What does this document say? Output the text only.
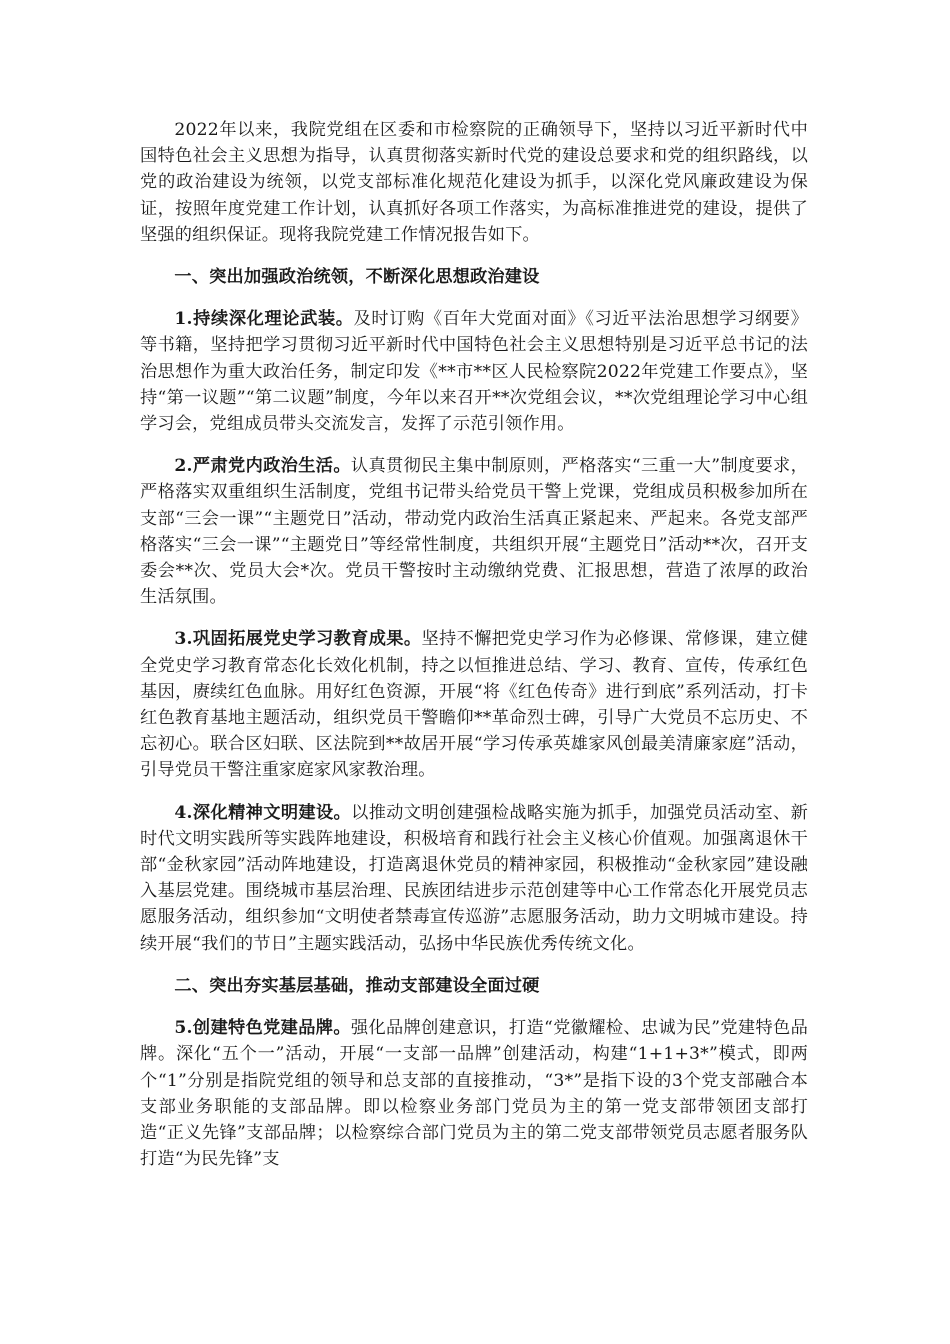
2022年以来，我院党组在区委和市检察院的正确领导下，坚持以习近平新时代中国特色社会主义思想为指导，认真贯彻落实新时代党的建设总要求和党的组织路线，以党的政治建设为统领，以党支部标准化规范化建设为抓手，以深化党风廉政建设为保证，按照年度党建工作计划，认真抓好各项工作落实，为高标准推进党的建设，提供了坚强的组织保证。现将我院党建工作情况报告如下。

一、突出加强政治统领，不断深化思想政治建设

1.持续深化理论武装。及时订购《百年大党面对面》《习近平法治思想学习纲要》等书籍，坚持把学习贯彻习近平新时代中国特色社会主义思想特别是习近平总书记的法治思想作为重大政治任务，制定印发《**市**区人民检察院2022年党建工作要点》，坚持“第一议题”“第二议题”制度，今年以来召开**次党组会议，**次党组理论学习中心组学习会，党组成员带头交流发言，发挥了示范引领作用。

2.严肃党内政治生活。认真贯彻民主集中制原则，严格落实“三重一大”制度要求，严格落实双重组织生活制度，党组书记带头给党员干警上党课，党组成员积极参加所在支部“三会一课”“主题党日”活动，带动党内政治生活真正紧起来、严起来。各党支部严格落实“三会一课”“主题党日”等经常性制度，共组织开展“主题党日”活动**次，召开支委会**次、党员大会*次。党员干警按时主动缴纳党费、汇报思想，营造了浓厚的政治生活氛围。

3.巩固拓展党史学习教育成果。坚持不懈把党史学习作为必修课、常修课，建立健全党史学习教育常态化长效化机制，持之以恒推进总结、学习、教育、宣传，传承红色基因，赓续红色血脉。用好红色资源，开展“将《红色传奇》进行到底”系列活动，打卡红色教育基地主题活动，组织党员干警瞻仰**革命烈士碑，引导广大党员不忘历史、不忘初心。联合区妇联、区法院到**故居开展“学习传承英雄家风创最美清廉家庭”活动，引导党员干警注重家庭家风家教治理。

4.深化精神文明建设。以推动文明创建强检战略实施为抓手，加强党员活动室、新时代文明实践所等实践阵地建设，积极培育和践行社会主义核心价值观。加强离退休干部“金秋家园”活动阵地建设，打造离退休党员的精神家园，积极推动“金秋家园”建设融入基层党建。围绕城市基层治理、民族团结进步示范创建等中心工作常态化开展党员志愿服务活动，组织参加“文明使者禁毒宣传巡游”志愿服务活动，助力文明城市建设。持续开展“我们的节日”主题实践活动，弘扬中华民族优秀传统文化。

二、突出夯实基层基础，推动支部建设全面过硬

5.创建特色党建品牌。强化品牌创建意识，打造“党徽耀检、忠诚为民”党建特色品牌。深化“五个一”活动，开展“一支部一品牌”创建活动，构建“1+1+3*”模式，即两个“1”分别是指院党组的领导和总支部的直接推动，“3*”是指下设的3个党支部融合本支部业务职能的支部品牌。即以检察业务部门党员为主的第一党支部带领团支部打造“正义先锋”支部品牌；以检察综合部门党员为主的第二党支部带领党员志愿者服务队打造“为民先锋”支
